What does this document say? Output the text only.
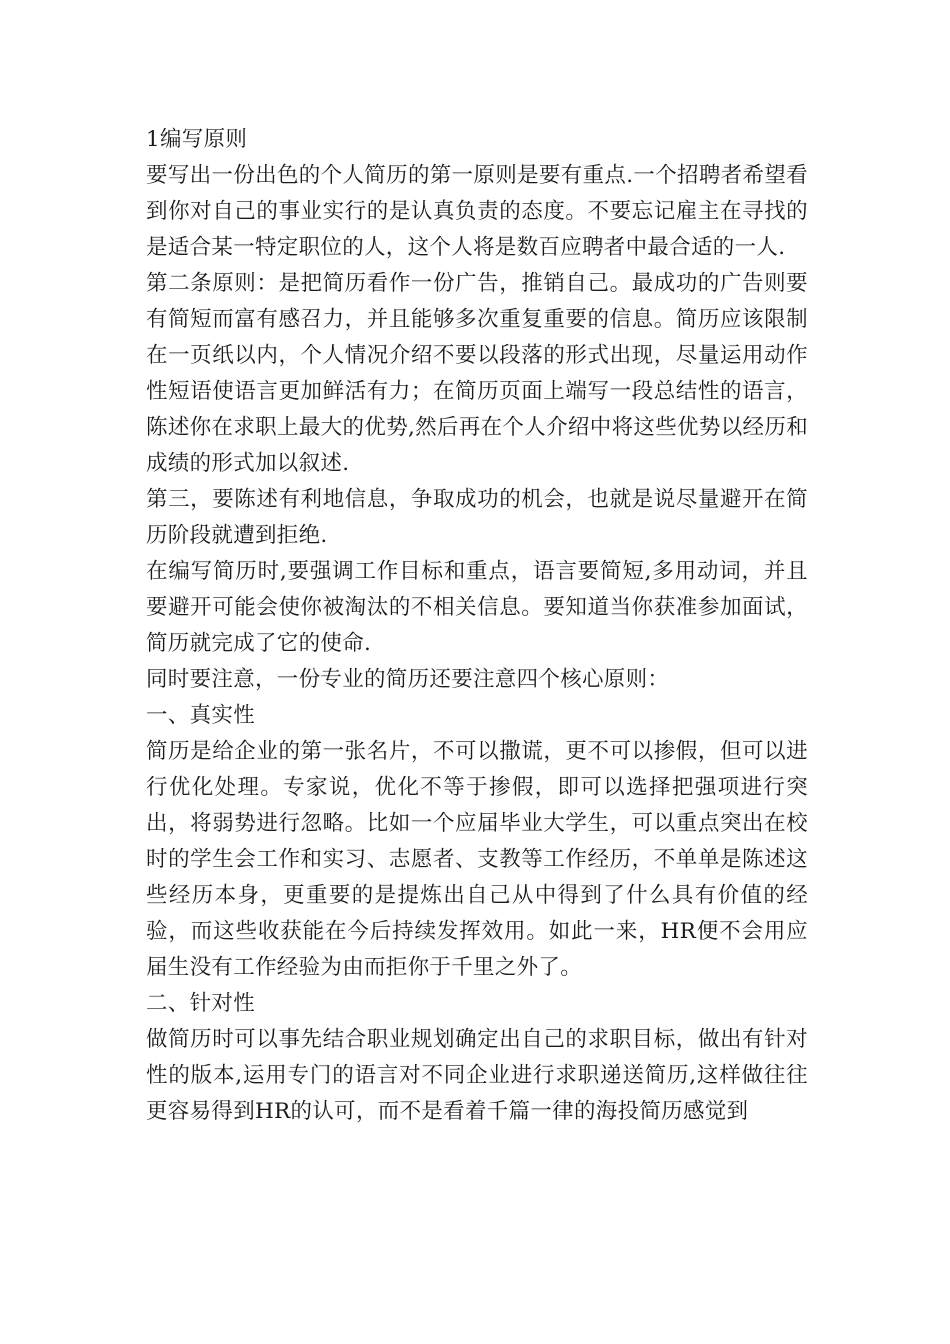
1编写原则

要写出一份出色的个人简历的第一原则是要有重点.一个招聘者希望看到你对自己的事业实行的是认真负责的态度。不要忘记雇主在寻找的是适合某一特定职位的人，这个人将是数百应聘者中最合适的一人.

第二条原则：是把简历看作一份广告，推销自己。最成功的广告则要有简短而富有感召力，并且能够多次重复重要的信息。简历应该限制在一页纸以内，个人情况介绍不要以段落的形式出现，尽量运用动作性短语使语言更加鲜活有力；在简历页面上端写一段总结性的语言，陈述你在求职上最大的优势,然后再在个人介绍中将这些优势以经历和成绩的形式加以叙述.

第三，要陈述有利地信息，争取成功的机会，也就是说尽量避开在简历阶段就遭到拒绝.

在编写简历时,要强调工作目标和重点，语言要简短,多用动词，并且要避开可能会使你被淘汰的不相关信息。要知道当你获准参加面试，简历就完成了它的使命.

同时要注意，一份专业的简历还要注意四个核心原则：

一、真实性

简历是给企业的第一张名片，不可以撒谎，更不可以掺假，但可以进行优化处理。专家说，优化不等于掺假，即可以选择把强项进行突出，将弱势进行忽略。比如一个应届毕业大学生，可以重点突出在校时的学生会工作和实习、志愿者、支教等工作经历，不单单是陈述这些经历本身，更重要的是提炼出自己从中得到了什么具有价值的经验，而这些收获能在今后持续发挥效用。如此一来，HR便不会用应届生没有工作经验为由而拒你于千里之外了。

二、针对性

做简历时可以事先结合职业规划确定出自己的求职目标，做出有针对性的版本,运用专门的语言对不同企业进行求职递送简历,这样做往往更容易得到HR的认可，而不是看着千篇一律的海投简历感觉到
